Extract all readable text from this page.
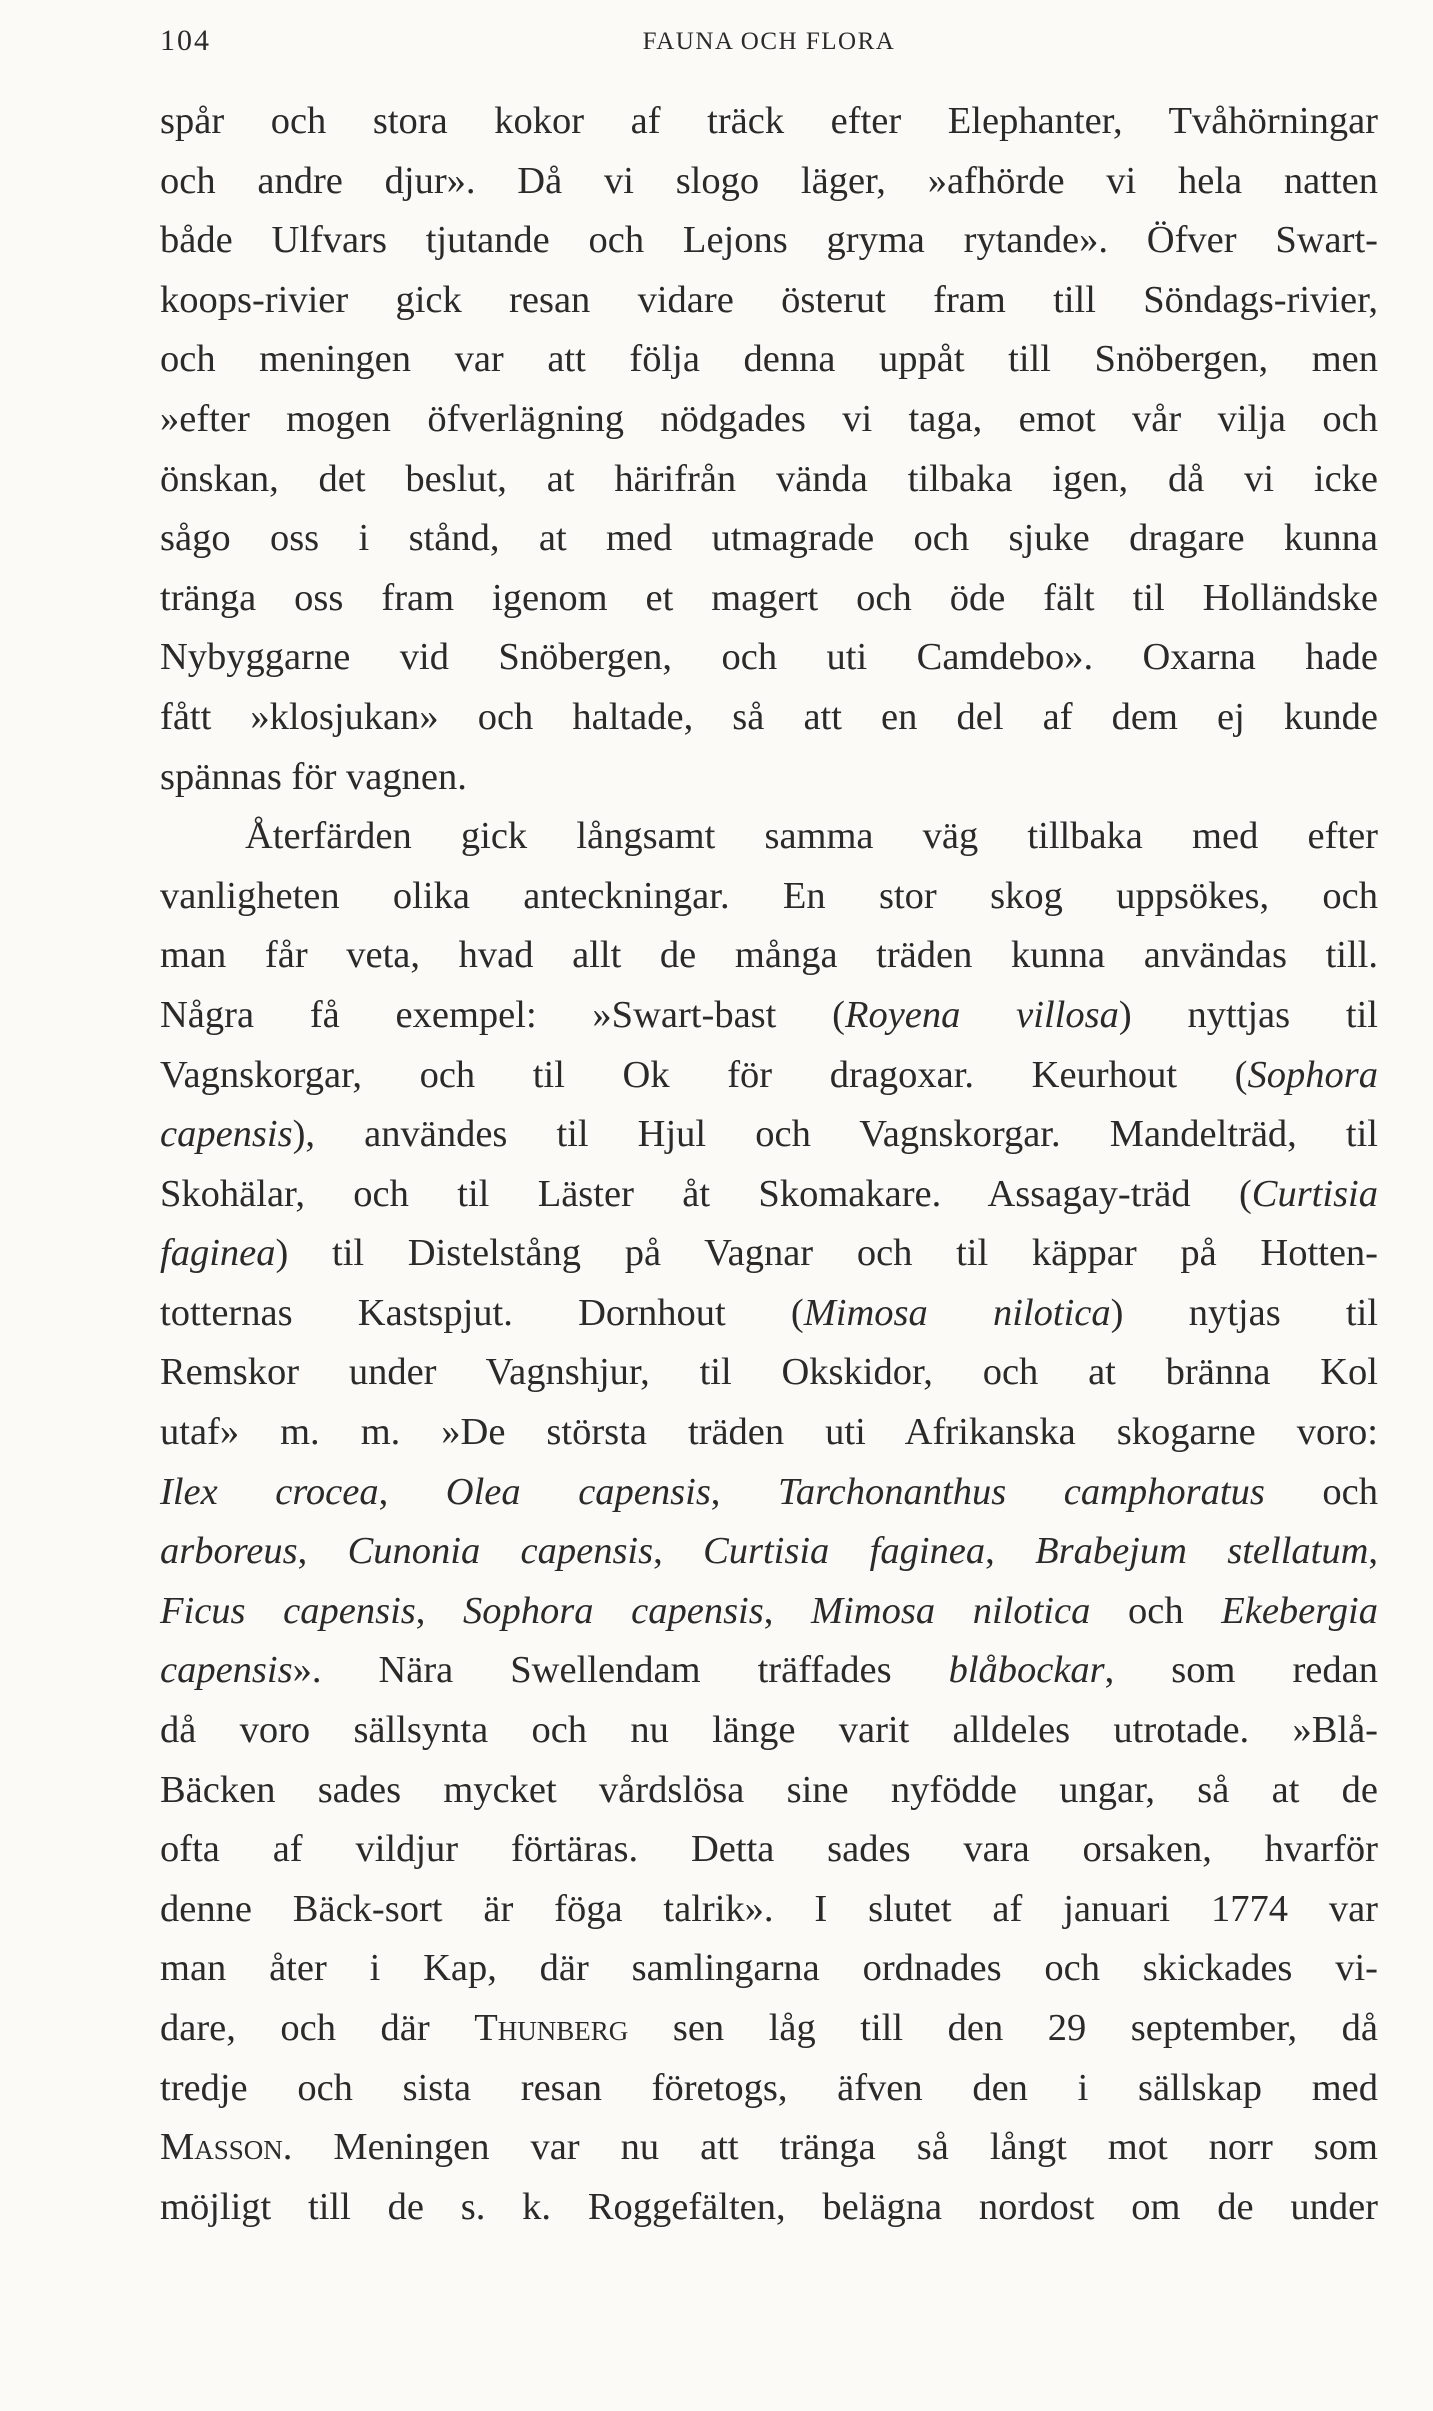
104	FAUNA OCH FLORA
spår och stora kokor af träck efter Elephanter, Tvåhörningar
och andre djur». Då vi slogo läger, »afhörde vi hela natten
både Ulfvars tjutande och Lejons gryma rytande». Öfver Swart-
koops-rivier gick resan vidare österut fram till Söndags-rivier,
och meningen var att följa denna uppåt till Snöbergen, men
»efter mogen öfverlägning nödgades vi taga, emot vår vilja och
önskan, det beslut, at härifrån vända tilbaka igen, då vi icke
sågo oss i stånd, at med utmagrade och sjuke dragare kunna
tränga oss fram igenom et magert och öde fält til Holländske
Nybyggarne vid Snöbergen, och uti Camdebo». Oxarna hade
fått »klosjukan» och haltade, så att en del af dem ej kunde
spännas för vagnen.
Återfärden gick långsamt samma väg tillbaka med efter
vanligheten olika anteckningar. En stor skog uppsökes, och
man får veta, hvad allt de många träden kunna användas till.
Några få exempel: »Swart-bast (Royena villosa) nyttjas til
Vagnskorgar, och til Ok för dragoxar. Keurhout (Sophora
capensis), användes til Hjul och Vagnskorgar. Mandelträd, til
Skohälar, och til Läster åt Skomakare. Assagay-träd (Curtisia
faginea) til Distelstång på Vagnar och til käppar på Hotten-
totternas Kastspjut. Dornhout (Mimosa nilotica) nytjas til
Remskor under Vagnshjur, til Okskidor, och at bränna Kol
utaf» m. m. »De största träden uti Afrikanska skogarne voro:
Ilex crocea, Olea capensis, Tarchonanthus camphoratus och
arboreus, Cunonia capensis, Curtisia faginea, Brabejum stellatum,
Ficus capensis, Sophora capensis, Mimosa nilotica och Ekebergia
capensis». Nära Swellendam träffades blåbockar, som redan
då voro sällsynta och nu länge varit alldeles utrotade. »Blå-
Bäcken sades mycket vårdslösa sine nyfödde ungar, så at de
ofta af vildjur förtäras. Detta sades vara orsaken, hvarför
denne Bäck-sort är föga talrik». I slutet af januari 1774 var
man åter i Kap, där samlingarna ordnades och skickades vi-
dare, och där Thunberg sen låg till den 29 september, då
tredje och sista resan företogs, äfven den i sällskap med
Masson. Meningen var nu att tränga så långt mot norr som
möjligt till de s. k. Roggefälten, belägna nordost om de under
